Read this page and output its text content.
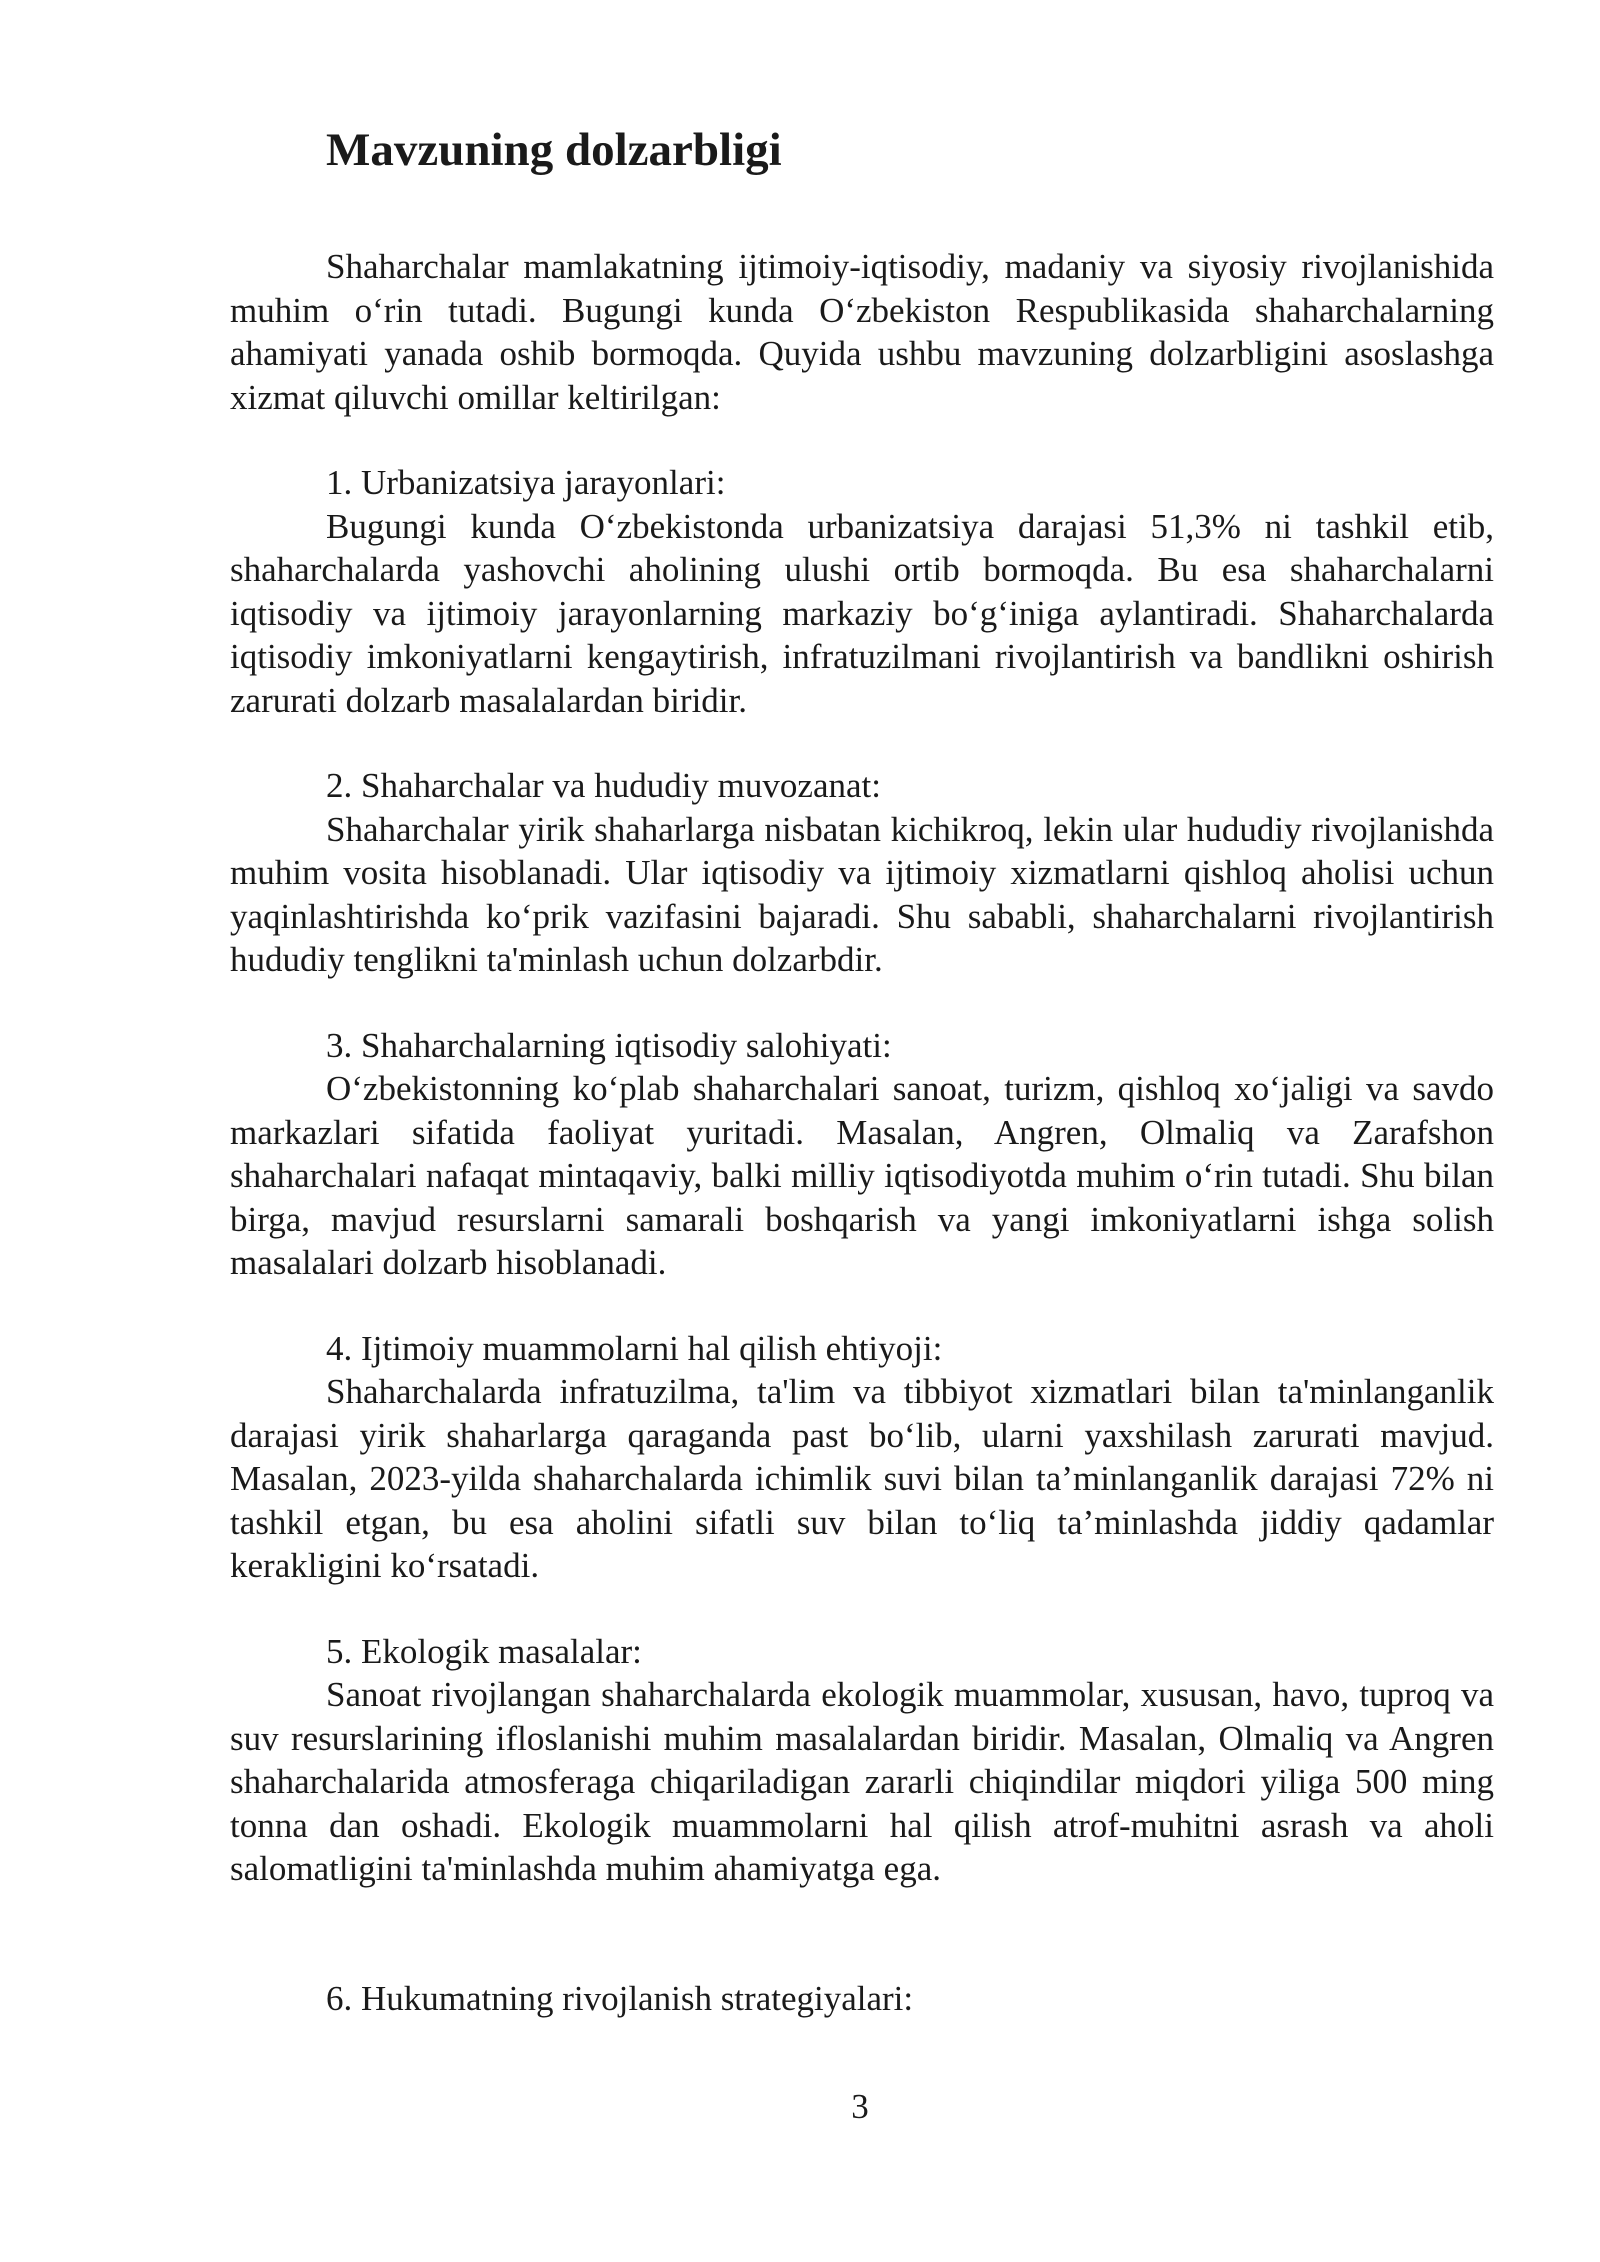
Mavzuning dolzarbligi

Shaharchalar mamlakatning ijtimoiy-iqtisodiy, madaniy va siyosiy rivojlanishida muhim o‘rin tutadi. Bugungi kunda O‘zbekiston Respublikasida shaharchalarning ahamiyati yanada oshib bormoqda. Quyida ushbu mavzuning dolzarbligini asoslashga xizmat qiluvchi omillar keltirilgan:

1. Urbanizatsiya jarayonlari:

Bugungi kunda O‘zbekistonda urbanizatsiya darajasi 51,3% ni tashkil etib, shaharchalarda yashovchi aholining ulushi ortib bormoqda. Bu esa shaharchalarni iqtisodiy va ijtimoiy jarayonlarning markaziy bo‘g‘iniga aylantiradi. Shaharchalarda iqtisodiy imkoniyatlarni kengaytirish, infratuzilmani rivojlantirish va bandlikni oshirish zarurati dolzarb masalalardan biridir.

2. Shaharchalar va hududiy muvozanat:

Shaharchalar yirik shaharlarga nisbatan kichikroq, lekin ular hududiy rivojlanishda muhim vosita hisoblanadi. Ular iqtisodiy va ijtimoiy xizmatlarni qishloq aholisi uchun yaqinlashtirishda ko‘prik vazifasini bajaradi. Shu sababli, shaharchalarni rivojlantirish hududiy tenglikni ta'minlash uchun dolzarbdir.

3. Shaharchalarning iqtisodiy salohiyati:

O‘zbekistonning ko‘plab shaharchalari sanoat, turizm, qishloq xo‘jaligi va savdo markazlari sifatida faoliyat yuritadi. Masalan, Angren, Olmaliq va Zarafshon shaharchalari nafaqat mintaqaviy, balki milliy iqtisodiyotda muhim o‘rin tutadi. Shu bilan birga, mavjud resurslarni samarali boshqarish va yangi imkoniyatlarni ishga solish masalalari dolzarb hisoblanadi.

4. Ijtimoiy muammolarni hal qilish ehtiyoji:

Shaharchalarda infratuzilma, ta'lim va tibbiyot xizmatlari bilan ta'minlanganlik darajasi yirik shaharlarga qaraganda past bo‘lib, ularni yaxshilash zarurati mavjud. Masalan, 2023-yilda shaharchalarda ichimlik suvi bilan ta’minlanganlik darajasi 72% ni tashkil etgan, bu esa aholini sifatli suv bilan to‘liq ta’minlashda jiddiy qadamlar kerakligini ko‘rsatadi.

5. Ekologik masalalar:

Sanoat rivojlangan shaharchalarda ekologik muammolar, xususan, havo, tuproq va suv resurslarining ifloslanishi muhim masalalardan biridir. Masalan, Olmaliq va Angren shaharchalarida atmosferaga chiqariladigan zararli chiqindilar miqdori yiliga 500 ming tonna dan oshadi. Ekologik muammolarni hal qilish atrof-muhitni asrash va aholi salomatligini ta'minlashda muhim ahamiyatga ega.

6. Hukumatning rivojlanish strategiyalari:

3
